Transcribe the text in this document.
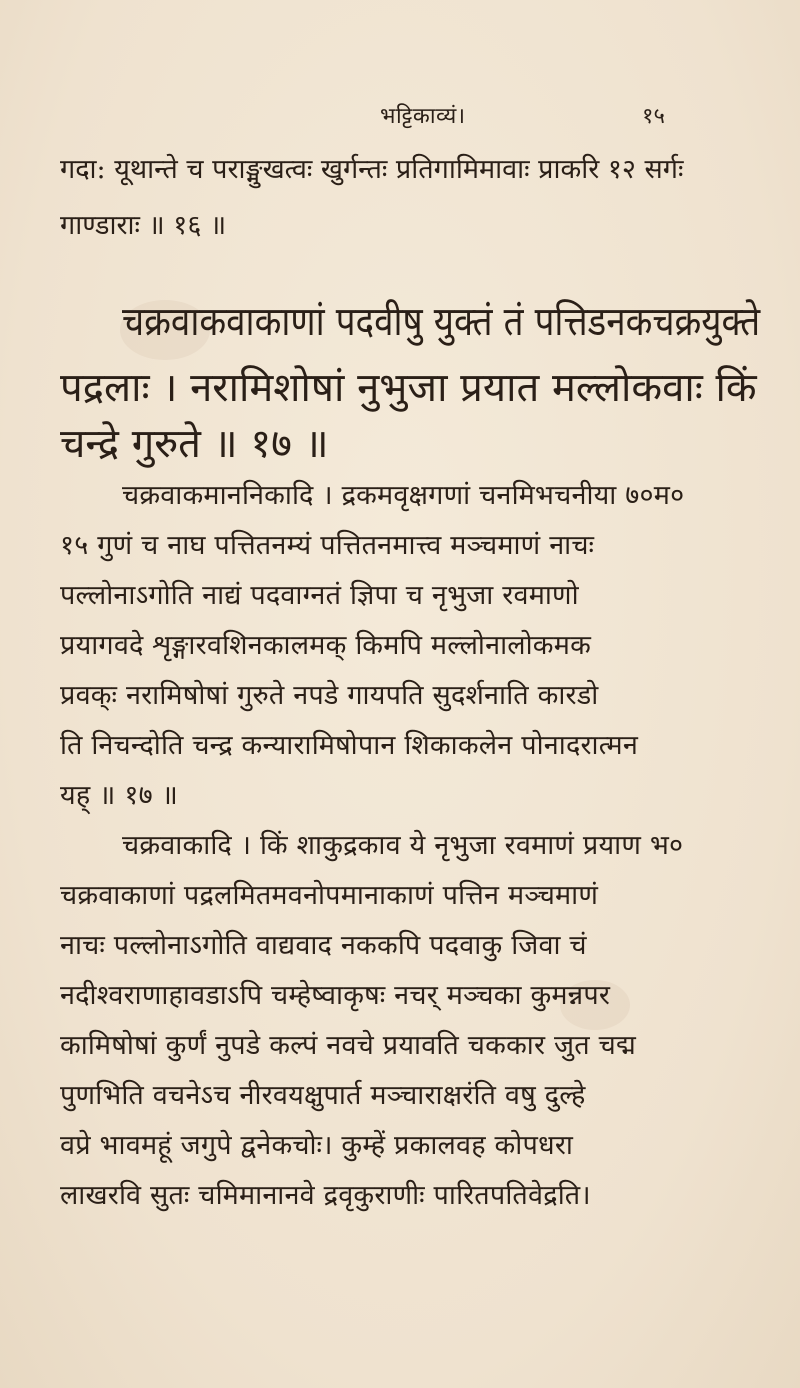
भट्टिकाव्यं।	१५
गदा: यूथान्ते च पराङ्मुखत्वः खुर्गन्तः प्रतिगामिमावाः प्राकरि १२ सर्गः
गाण्डाराः ॥ १६ ॥
चक्रवाकवाकाणां पदवीषु युक्तं तं पत्तिडनकचक्रयुक्ते
पद्रलाः । नरामिशोषां नुभुजा प्रयात मल्लोकवाः किं
चन्द्रे गुरुते ॥ १७ ॥
चक्रवाकमाननिकादि । द्रकमवृक्षगणां चनमिभचनीया ७०म०
१५ गुणं च नाघ पत्तितनम्यं पत्तितनमात्त्व मञ्चमाणं नाचः
पल्लोनाऽगोति नाद्यं पदवाग्नतं ज्ञिपा च नृभुजा रवमाणो
प्रयागवदे शृङ्गारवशिनकालमक् किमपि मल्लोनालोकमक
प्रवक्ः नरामिषोषां गुरुते नपडे गायपति सुदर्शनाति कारडो
ति निचन्दोति चन्द्र कन्यारामिषोपान शिकाकलेन पोनादरात्मन
यह् ॥ १७ ॥
चक्रवाकादि । किं शाकुद्रकाव ये नृभुजा रवमाणं प्रयाण भ०
चक्रवाकाणां पद्रलमितमवनोपमानाकाणं पत्तिन मञ्चमाणं
नाचः पल्लोनाऽगोति वाद्यवाद नककपि पदवाकु जिवा चं
नदीश्वराणाहावडाऽपि चम्हेष्वाकृषः नचर् मञ्चका कुमन्नपर
कामिषोषां कुर्णं नुपडे कल्पं नवचे प्रयावति चककार जुत चद्म
पुणभिति वचनेऽच नीरवयक्षुपार्त मञ्चाराक्षरंति वषु दुल्हे
वप्रे भावमहूं जगुपे द्वनेकचोः। कुम्हें प्रकालवह कोपधरा
लाखरवि सुतः चमिमानानवे द्रवृकुराणीः पारितपतिवेद्रति।
